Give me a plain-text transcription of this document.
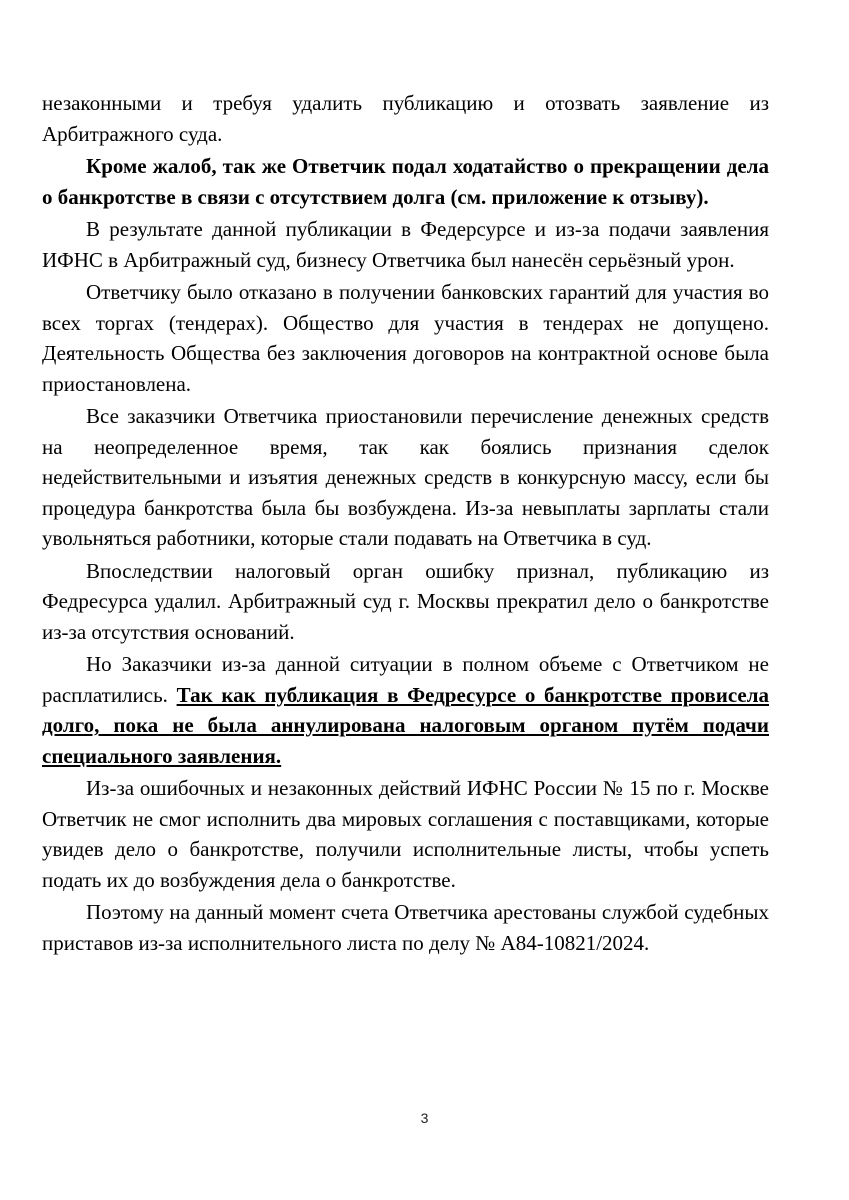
незаконными и требуя удалить публикацию и отозвать заявление из Арбитражного суда.

Кроме жалоб, так же Ответчик подал ходатайство о прекращении дела о банкротстве в связи с отсутствием долга (см. приложение к отзыву).

В результате данной публикации в Федерсурсе и из-за подачи заявления ИФНС в Арбитражный суд, бизнесу Ответчика был нанесён серьёзный урон.

Ответчику было отказано в получении банковских гарантий для участия во всех торгах (тендерах). Общество для участия в тендерах не допущено. Деятельность Общества без заключения договоров на контрактной основе была приостановлена.

Все заказчики Ответчика приостановили перечисление денежных средств на неопределенное время, так как боялись признания сделок недействительными и изъятия денежных средств в конкурсную массу, если бы процедура банкротства была бы возбуждена. Из-за невыплаты зарплаты стали увольняться работники, которые стали подавать на Ответчика в суд.

Впоследствии налоговый орган ошибку признал, публикацию из Федресурса удалил. Арбитражный суд г. Москвы прекратил дело о банкротстве из-за отсутствия оснований.

Но Заказчики из-за данной ситуации в полном объеме с Ответчиком не расплатились. Так как публикация в Федресурсе о банкротстве провисела долго, пока не была аннулирована налоговым органом путём подачи специального заявления.

Из-за ошибочных и незаконных действий ИФНС России № 15 по г. Москве Ответчик не смог исполнить два мировых соглашения с поставщиками, которые увидев дело о банкротстве, получили исполнительные листы, чтобы успеть подать их до возбуждения дела о банкротстве.

Поэтому на данный момент счета Ответчика арестованы службой судебных приставов из-за исполнительного листа по делу № А84-10821/2024.

3
